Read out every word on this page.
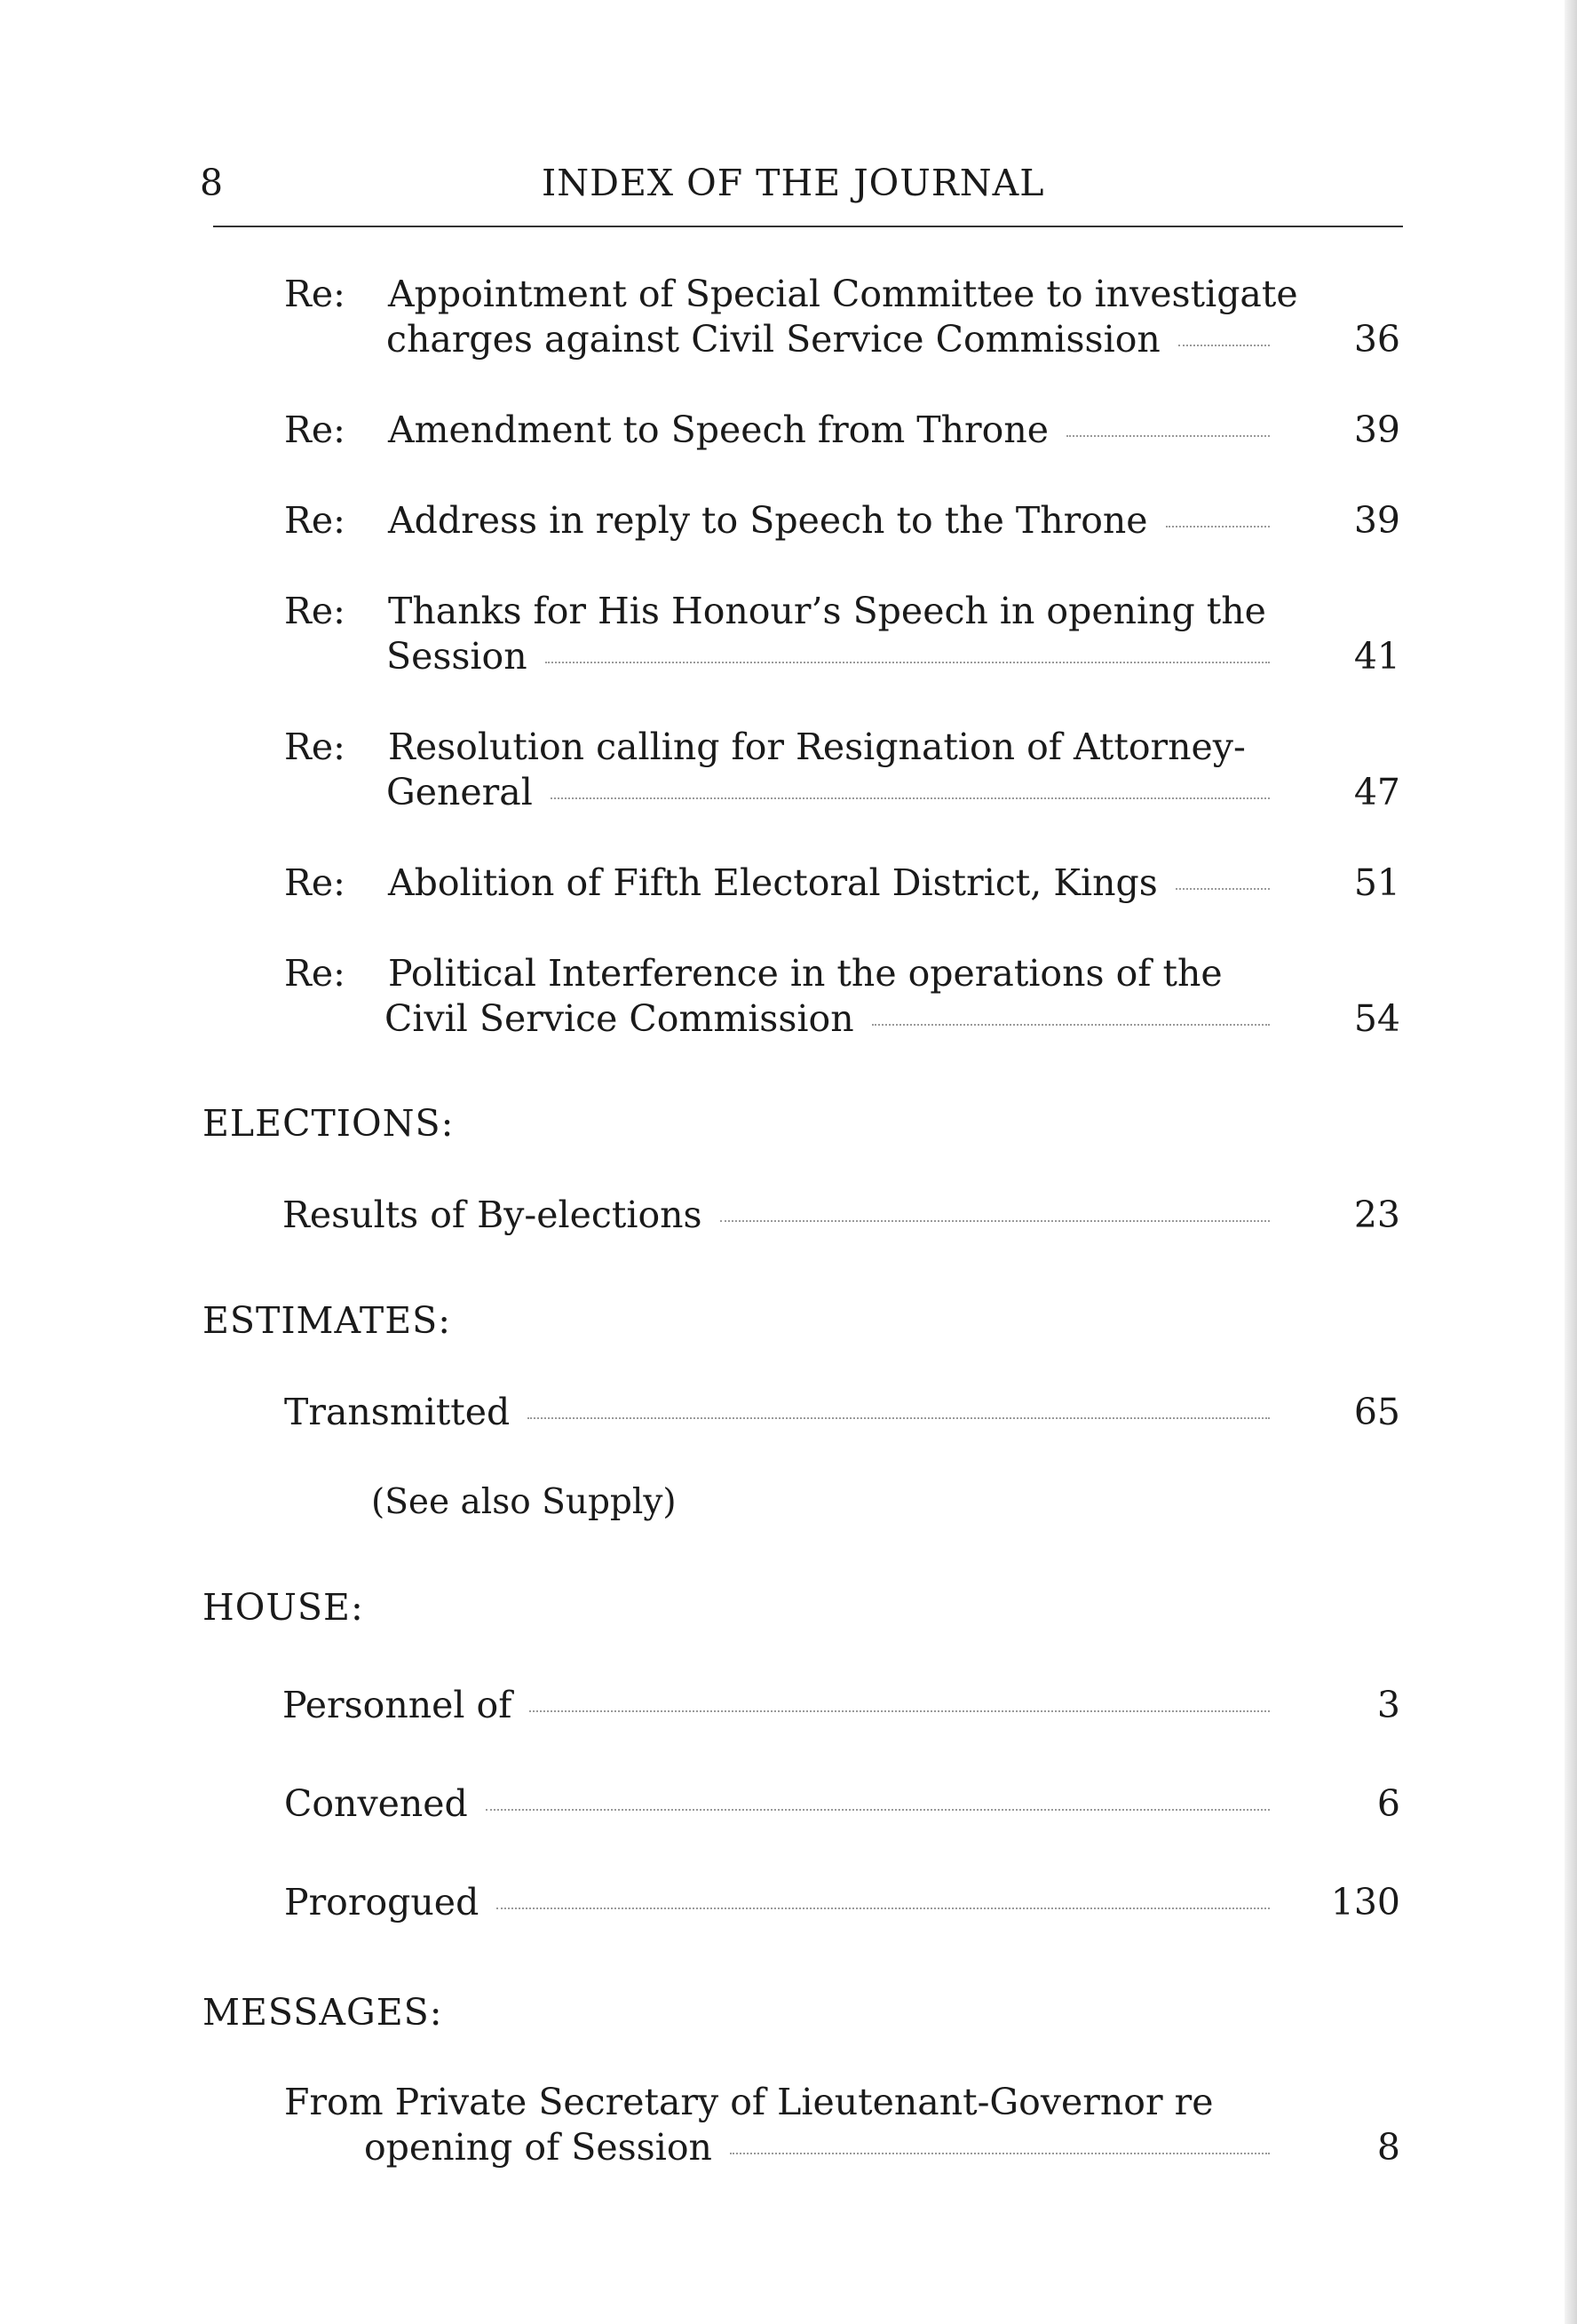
8	INDEX OF THE JOURNAL
Re: Appointment of Special Committee to investigate
charges against Civil Service Commission	36
Re: Amendment to Speech from Throne	39
Re: Address in reply to Speech to the Throne	39
Re: Thanks for His Honour’s Speech in opening the
Session	41
Re: Resolution calling for Resignation of Attorney-
General	47
Re: Abolition of Fifth Electoral District, Kings	51
Re: Political Interference in the operations of the
Civil Service Commission	54
ELECTIONS:
Results of By-elections	23
ESTIMATES:
Transmitted	65
(See also Supply)
HOUSE:
Personnel of	3
Convened	6
Prorogued	130
MESSAGES:
From Private Secretary of Lieutenant-Governor re
opening of Session	8
